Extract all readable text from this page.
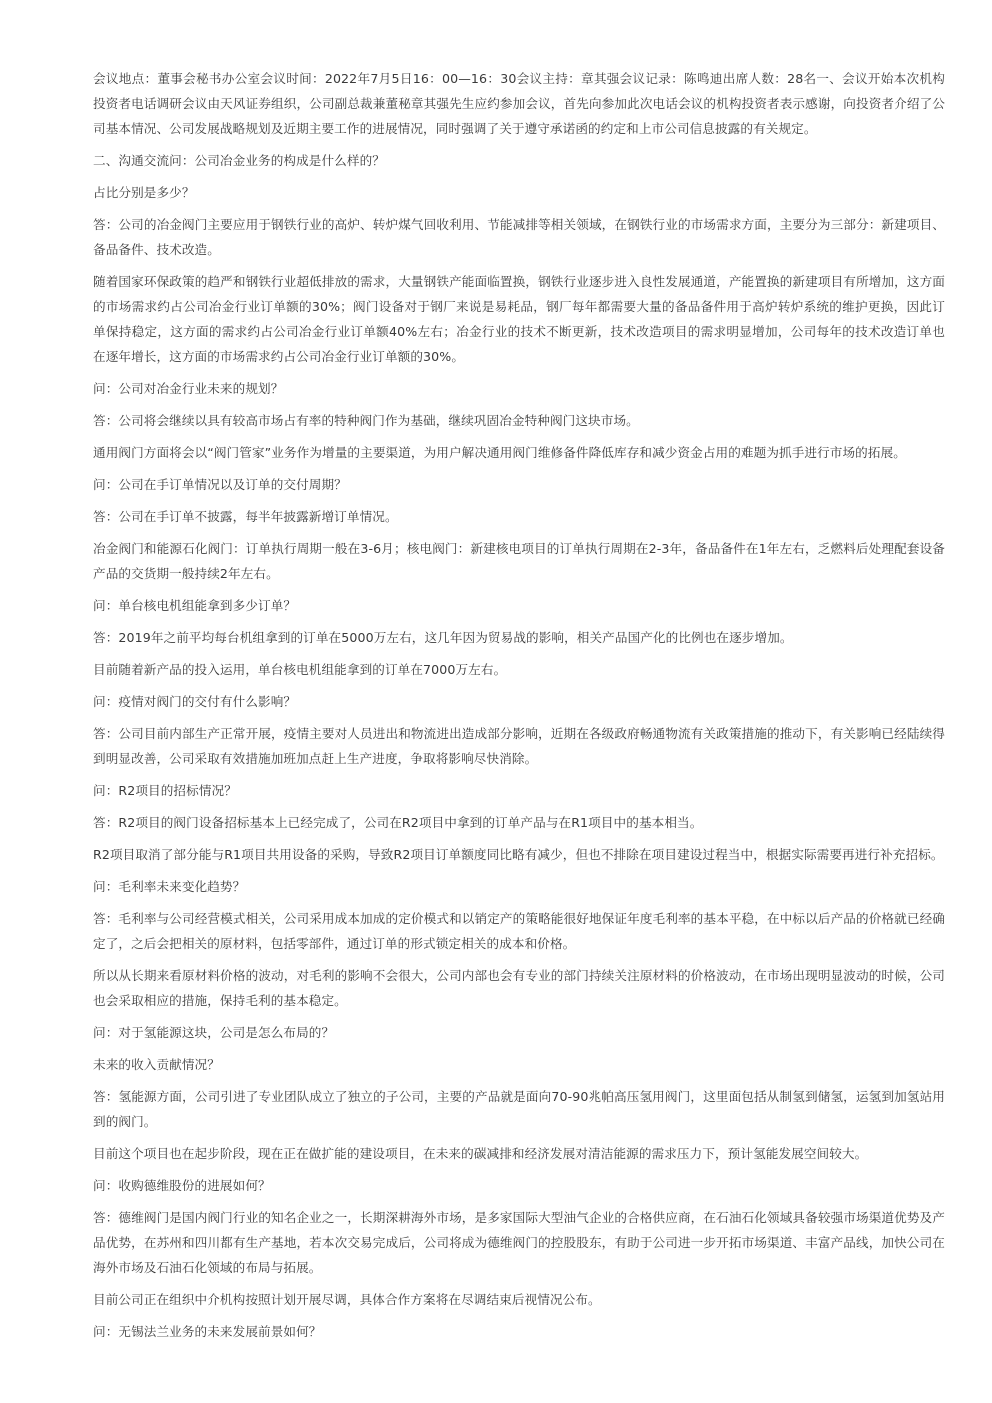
会议地点：董事会秘书办公室会议时间：2022年7月5日16：00—16：30会议主持：章其强会议记录：陈鸣迪出席人数：28名一、会议开始本次机构投资者电话调研会议由天风证券组织，公司副总裁兼董秘章其强先生应约参加会议，首先向参加此次电话会议的机构投资者表示感谢，向投资者介绍了公司基本情况、公司发展战略规划及近期主要工作的进展情况，同时强调了关于遵守承诺函的约定和上市公司信息披露的有关规定。

二、沟通交流问：公司冶金业务的构成是什么样的？

占比分别是多少？

答：公司的冶金阀门主要应用于钢铁行业的高炉、转炉煤气回收利用、节能减排等相关领域，在钢铁行业的市场需求方面，主要分为三部分：新建项目、备品备件、技术改造。

随着国家环保政策的趋严和钢铁行业超低排放的需求，大量钢铁产能面临置换，钢铁行业逐步进入良性发展通道，产能置换的新建项目有所增加，这方面的市场需求约占公司冶金行业订单额的30%；阀门设备对于钢厂来说是易耗品，钢厂每年都需要大量的备品备件用于高炉转炉系统的维护更换，因此订单保持稳定，这方面的需求约占公司冶金行业订单额40%左右；冶金行业的技术不断更新，技术改造项目的需求明显增加，公司每年的技术改造订单也在逐年增长，这方面的市场需求约占公司冶金行业订单额的30%。

问：公司对冶金行业未来的规划？

答：公司将会继续以具有较高市场占有率的特种阀门作为基础，继续巩固冶金特种阀门这块市场。

通用阀门方面将会以“阀门管家”业务作为增量的主要渠道，为用户解决通用阀门维修备件降低库存和减少资金占用的难题为抓手进行市场的拓展。

问：公司在手订单情况以及订单的交付周期？

答：公司在手订单不披露，每半年披露新增订单情况。

冶金阀门和能源石化阀门：订单执行周期一般在3-6月；核电阀门：新建核电项目的订单执行周期在2-3年，备品备件在1年左右，乏燃料后处理配套设备产品的交货期一般持续2年左右。

问：单台核电机组能拿到多少订单？

答：2019年之前平均每台机组拿到的订单在5000万左右，这几年因为贸易战的影响，相关产品国产化的比例也在逐步增加。

目前随着新产品的投入运用，单台核电机组能拿到的订单在7000万左右。

问：疫情对阀门的交付有什么影响？

答：公司目前内部生产正常开展，疫情主要对人员进出和物流进出造成部分影响，近期在各级政府畅通物流有关政策措施的推动下，有关影响已经陆续得到明显改善，公司采取有效措施加班加点赶上生产进度，争取将影响尽快消除。

问：R2项目的招标情况？

答：R2项目的阀门设备招标基本上已经完成了，公司在R2项目中拿到的订单产品与在R1项目中的基本相当。

R2项目取消了部分能与R1项目共用设备的采购，导致R2项目订单额度同比略有减少，但也不排除在项目建设过程当中，根据实际需要再进行补充招标。

问：毛利率未来变化趋势？

答：毛利率与公司经营模式相关，公司采用成本加成的定价模式和以销定产的策略能很好地保证年度毛利率的基本平稳，在中标以后产品的价格就已经确定了，之后会把相关的原材料，包括零部件，通过订单的形式锁定相关的成本和价格。

所以从长期来看原材料价格的波动，对毛利的影响不会很大，公司内部也会有专业的部门持续关注原材料的价格波动，在市场出现明显波动的时候，公司也会采取相应的措施，保持毛利的基本稳定。

问：对于氢能源这块，公司是怎么布局的？

未来的收入贡献情况？

答：氢能源方面，公司引进了专业团队成立了独立的子公司，主要的产品就是面向70-90兆帕高压氢用阀门，这里面包括从制氢到储氢，运氢到加氢站用到的阀门。

目前这个项目也在起步阶段，现在正在做扩能的建设项目，在未来的碳减排和经济发展对清洁能源的需求压力下，预计氢能发展空间较大。

问：收购德维股份的进展如何？

答：德维阀门是国内阀门行业的知名企业之一，长期深耕海外市场，是多家国际大型油气企业的合格供应商，在石油石化领域具备较强市场渠道优势及产品优势，在苏州和四川都有生产基地，若本次交易完成后，公司将成为德维阀门的控股股东，有助于公司进一步开拓市场渠道、丰富产品线，加快公司在海外市场及石油石化领域的布局与拓展。

目前公司正在组织中介机构按照计划开展尽调，具体合作方案将在尽调结束后视情况公布。

问：无锡法兰业务的未来发展前景如何？
